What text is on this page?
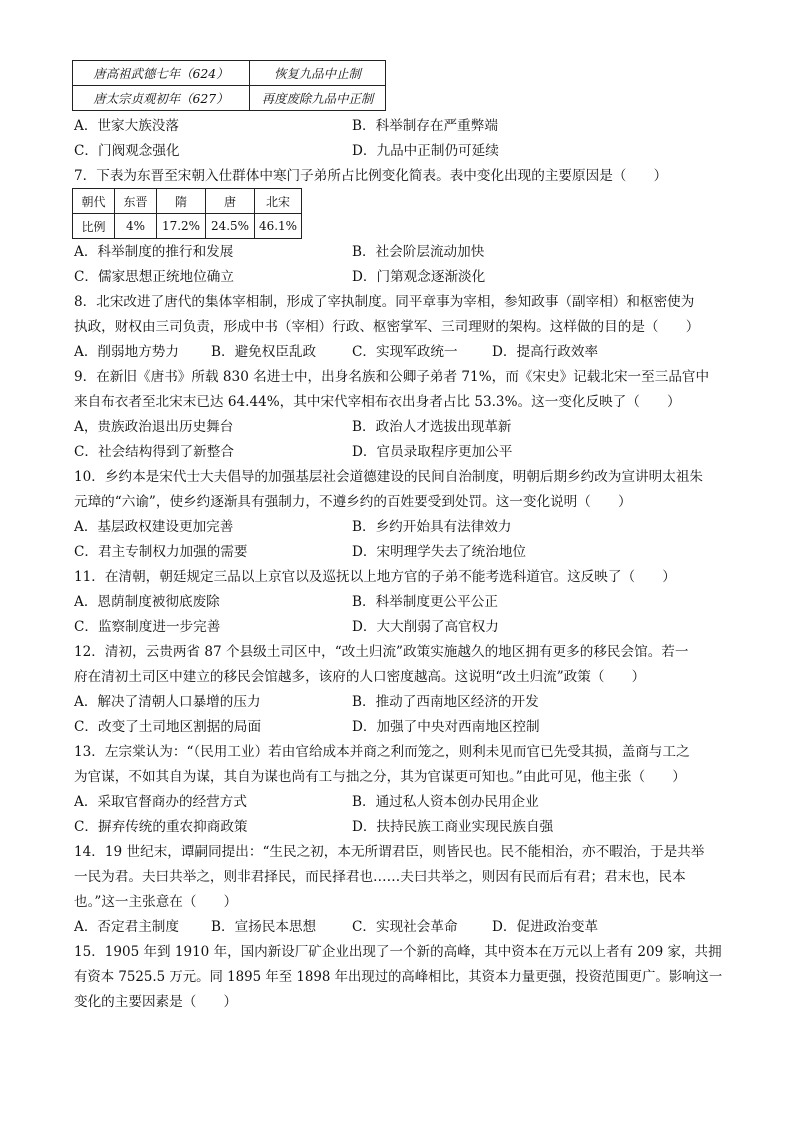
唐高祖武德七年（624）	恢复九品中止制
唐太宗贞观初年（627）	再度废除九品中正制
A．世家大族没落	B．科举制存在严重弊端
C．门阀观念强化	D．九品中正制仍可延续
7．下表为东晋至宋朝入仕群体中寒门子弟所占比例变化简表。表中变化出现的主要原因是（　　）
朝代	东晋	隋	唐	北宋
比例	4%	17.2%	24.5%	46.1%
A．科举制度的推行和发展	B．社会阶层流动加快
C．儒家思想正统地位确立	D．门第观念逐渐淡化
8．北宋改进了唐代的集体宰相制，形成了宰执制度。同平章事为宰相，参知政事（副宰相）和枢密使为
执政，财权由三司负责，形成中书（宰相）行政、枢密掌军、三司理财的架构。这样做的目的是（　　）
A．削弱地方势力 B．避免权臣乱政	C．实现军政统一	D．提高行政效率
9．在新旧《唐书》所载 830 名进士中，出身名族和公卿子弟者 71%，而《宋史》记载北宋一至三品官中
来自布衣者至北宋末已达 64.44%，其中宋代宰相布衣出身者占比 53.3%。这一变化反映了（　　）
A，贵族政治退出历史舞台	B．政治人才选拔出现革新
C．社会结构得到了新整合	D．官员录取程序更加公平
10．乡约本是宋代士大夫倡导的加强基层社会道德建设的民间自治制度，明朝后期乡约改为宣讲明太祖朱
元璋的“六谕”，使乡约逐渐具有强制力，不遵乡约的百姓要受到处罚。这一变化说明（　　）
A．基层政权建设更加完善	B．乡约开始具有法律效力
C．君主专制权力加强的需要	D．宋明理学失去了统治地位
11．在清朝，朝廷规定三品以上京官以及巡抚以上地方官的子弟不能考选科道官。这反映了（　　）
A．恩荫制度被彻底废除	B．科举制度更公平公正
C．监察制度进一步完善	D．大大削弱了高官权力
12．清初，云贵两省 87 个县级土司区中，“改土归流”政策实施越久的地区拥有更多的移民会馆。若一
府在清初土司区中建立的移民会馆越多，该府的人口密度越高。这说明“改土归流”政策（　　）
A．解决了清朝人口暴增的压力	B．推动了西南地区经济的开发
C．改变了土司地区割据的局面	D．加强了中央对西南地区控制
13．左宗棠认为：“（民用工业）若由官给成本并商之利而笼之，则利未见而官已先受其损，盖商与工之
为官谋，不如其自为谋，其自为谋也尚有工与拙之分，其为官谋更可知也。”由此可见，他主张（　　）
A．采取官督商办的经营方式	B．通过私人资本创办民用企业
C．摒弃传统的重农抑商政策	D．扶持民族工商业实现民族自强
14．19 世纪末，谭嗣同提出：“生民之初，本无所谓君臣，则皆民也。民不能相治，亦不暇治，于是共举
一民为君。夫曰共举之，则非君择民，而民择君也……夫曰共举之，则因有民而后有君；君末也，民本
也。”这一主张意在（　　）
A．否定君主制度 B．宣扬民本思想	C．实现社会革命	D．促进政治变革
15．1905 年到 1910 年，国内新设厂矿企业出现了一个新的高峰，其中资本在万元以上者有 209 家，共拥
有资本 7525.5 万元。同 1895 年至 1898 年出现过的高峰相比，其资本力量更强，投资范围更广。影响这一
变化的主要因素是（　　）
